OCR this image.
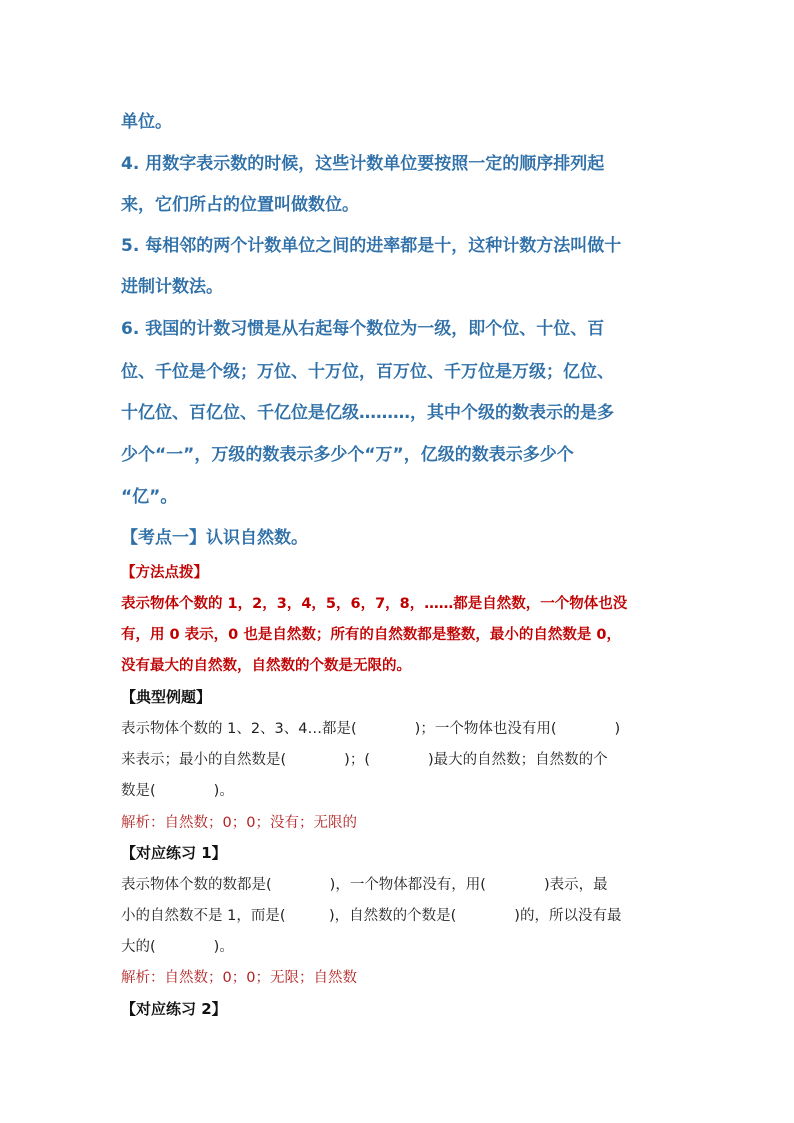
单位。
4. 用数字表示数的时候，这些计数单位要按照一定的顺序排列起
来，它们所占的位置叫做数位。
5. 每相邻的两个计数单位之间的进率都是十，这种计数方法叫做十
进制计数法。
6. 我国的计数习惯是从右起每个数位为一级，即个位、十位、百
位、千位是个级；万位、十万位，百万位、千万位是万级；亿位、
十亿位、百亿位、千亿位是亿级………，其中个级的数表示的是多
少个“一”，万级的数表示多少个“万”，亿级的数表示多少个
“亿”。
【考点一】认识自然数。
【方法点拨】
表示物体个数的 1，2，3，4，5，6，7，8，……都是自然数，一个物体也没
有，用 0 表示，0 也是自然数；所有的自然数都是整数，最小的自然数是 0，
没有最大的自然数，自然数的个数是无限的。
【典型例题】
表示物体个数的 1、2、3、4…都是(　　　　)；一个物体也没有用(　　　　)
来表示；最小的自然数是(　　　　)；(　　　　)最大的自然数；自然数的个
数是(　　　　)。
解析：自然数；0；0；没有；无限的
【对应练习 1】
表示物体个数的数都是(　　　　)，一个物体都没有，用(　　　　)表示，最
小的自然数不是 1，而是(　　　)，自然数的个数是(　　　　)的，所以没有最
大的(　　　　)。
解析：自然数；0；0；无限；自然数
【对应练习 2】
